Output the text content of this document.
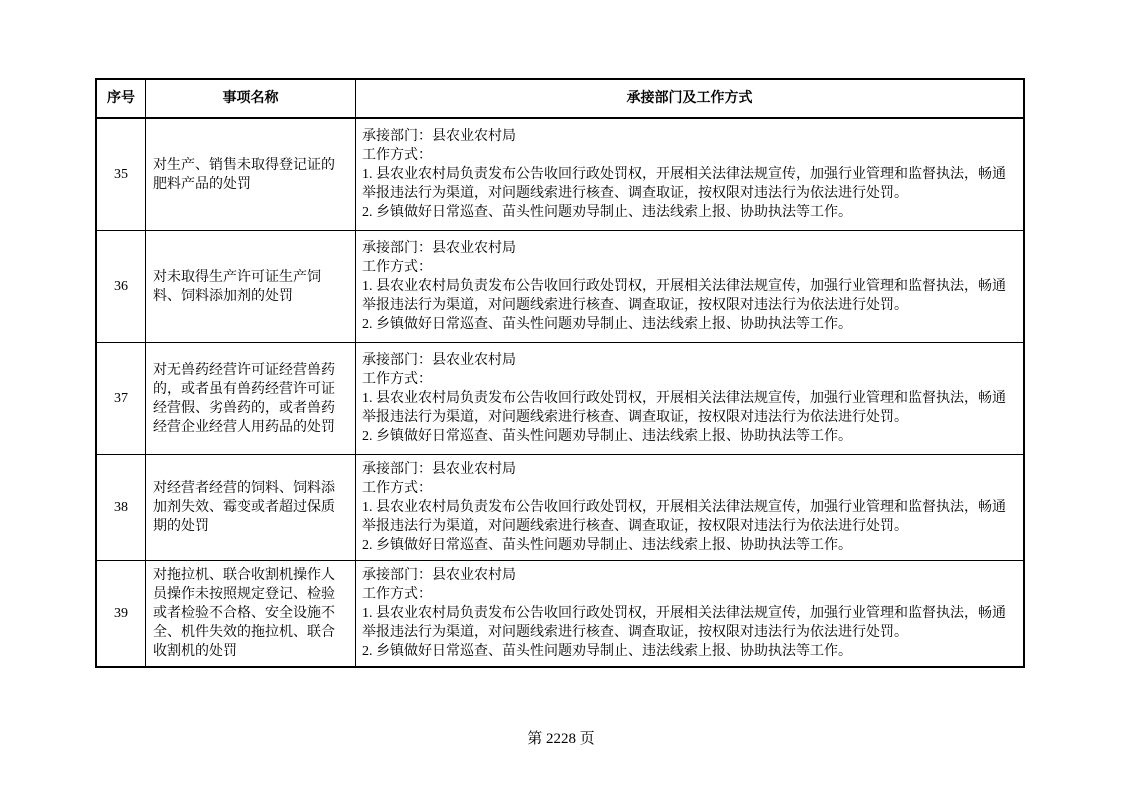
序号	事项名称	承接部门及工作方式
35
对生产、销售未取得登记证的肥料产品的处罚
承接部门：县农业农村局
工作方式：
1. 县农业农村局负责发布公告收回行政处罚权，开展相关法律法规宣传，加强行业管理和监督执法，畅通举报违法行为渠道，对问题线索进行核查、调查取证，按权限对违法行为依法进行处罚。
2. 乡镇做好日常巡查、苗头性问题劝导制止、违法线索上报、协助执法等工作。
36
对未取得生产许可证生产饲料、饲料添加剂的处罚
承接部门：县农业农村局
工作方式：
1. 县农业农村局负责发布公告收回行政处罚权，开展相关法律法规宣传，加强行业管理和监督执法，畅通举报违法行为渠道，对问题线索进行核查、调查取证，按权限对违法行为依法进行处罚。
2. 乡镇做好日常巡查、苗头性问题劝导制止、违法线索上报、协助执法等工作。
37
对无兽药经营许可证经营兽药的，或者虽有兽药经营许可证经营假、劣兽药的，或者兽药经营企业经营人用药品的处罚
承接部门：县农业农村局
工作方式：
1. 县农业农村局负责发布公告收回行政处罚权，开展相关法律法规宣传，加强行业管理和监督执法，畅通举报违法行为渠道，对问题线索进行核查、调查取证，按权限对违法行为依法进行处罚。
2. 乡镇做好日常巡查、苗头性问题劝导制止、违法线索上报、协助执法等工作。
38
对经营者经营的饲料、饲料添加剂失效、霉变或者超过保质期的处罚
承接部门：县农业农村局
工作方式：
1. 县农业农村局负责发布公告收回行政处罚权，开展相关法律法规宣传，加强行业管理和监督执法，畅通举报违法行为渠道，对问题线索进行核查、调查取证，按权限对违法行为依法进行处罚。
2. 乡镇做好日常巡查、苗头性问题劝导制止、违法线索上报、协助执法等工作。
39
对拖拉机、联合收割机操作人员操作未按照规定登记、检验或者检验不合格、安全设施不全、机件失效的拖拉机、联合收割机的处罚
承接部门：县农业农村局
工作方式：
1. 县农业农村局负责发布公告收回行政处罚权，开展相关法律法规宣传，加强行业管理和监督执法，畅通举报违法行为渠道，对问题线索进行核查、调查取证，按权限对违法行为依法进行处罚。
2. 乡镇做好日常巡查、苗头性问题劝导制止、违法线索上报、协助执法等工作。
第 2228 页
